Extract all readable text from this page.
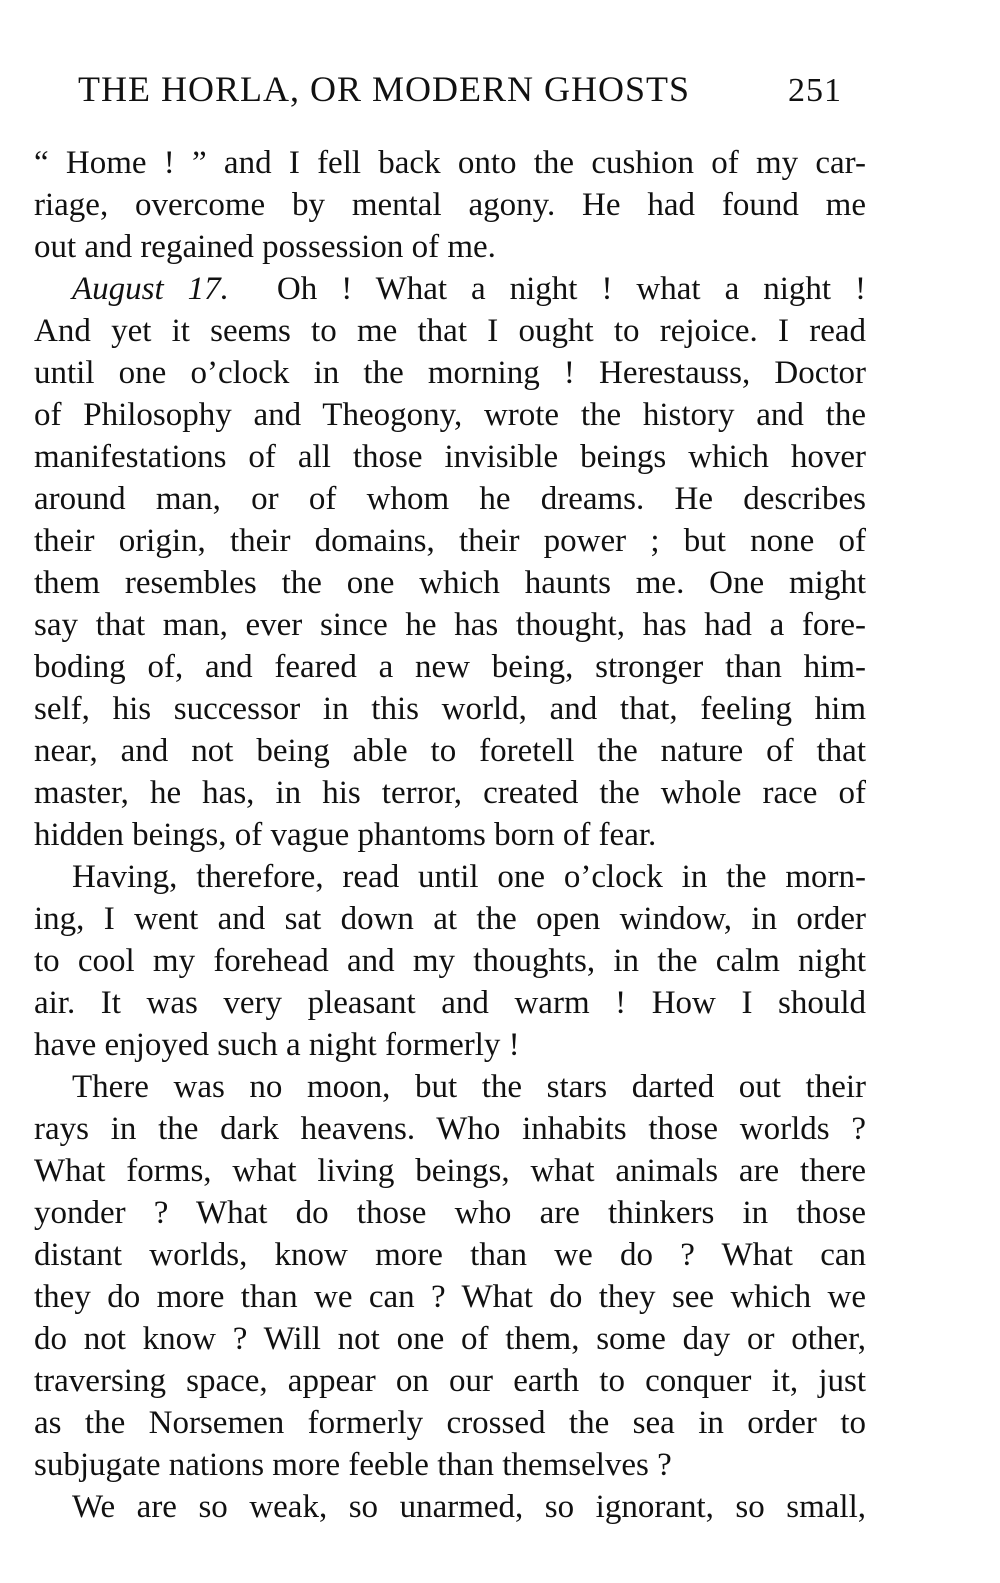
THE HORLA, OR MODERN GHOSTS	251
“ Home ! ” and I fell back onto the cushion of my car-
riage, overcome by mental agony. He had found me
out and regained possession of me.
August 17. Oh ! What a night ! what a night !
And yet it seems to me that I ought to rejoice. I read
until one o’clock in the morning ! Herestauss, Doctor
of Philosophy and Theogony, wrote the history and the
manifestations of all those invisible beings which hover
around man, or of whom he dreams. He describes
their origin, their domains, their power ; but none of
them resembles the one which haunts me. One might
say that man, ever since he has thought, has had a fore-
boding of, and feared a new being, stronger than him-
self, his successor in this world, and that, feeling him
near, and not being able to foretell the nature of that
master, he has, in his terror, created the whole race of
hidden beings, of vague phantoms born of fear.
Having, therefore, read until one o’clock in the morn-
ing, I went and sat down at the open window, in order
to cool my forehead and my thoughts, in the calm night
air. It was very pleasant and warm ! How I should
have enjoyed such a night formerly !
There was no moon, but the stars darted out their
rays in the dark heavens. Who inhabits those worlds ?
What forms, what living beings, what animals are there
yonder ? What do those who are thinkers in those
distant worlds, know more than we do ? What can
they do more than we can ? What do they see which we
do not know ? Will not one of them, some day or other,
traversing space, appear on our earth to conquer it, just
as the Norsemen formerly crossed the sea in order to
subjugate nations more feeble than themselves ?
We are so weak, so unarmed, so ignorant, so small,
